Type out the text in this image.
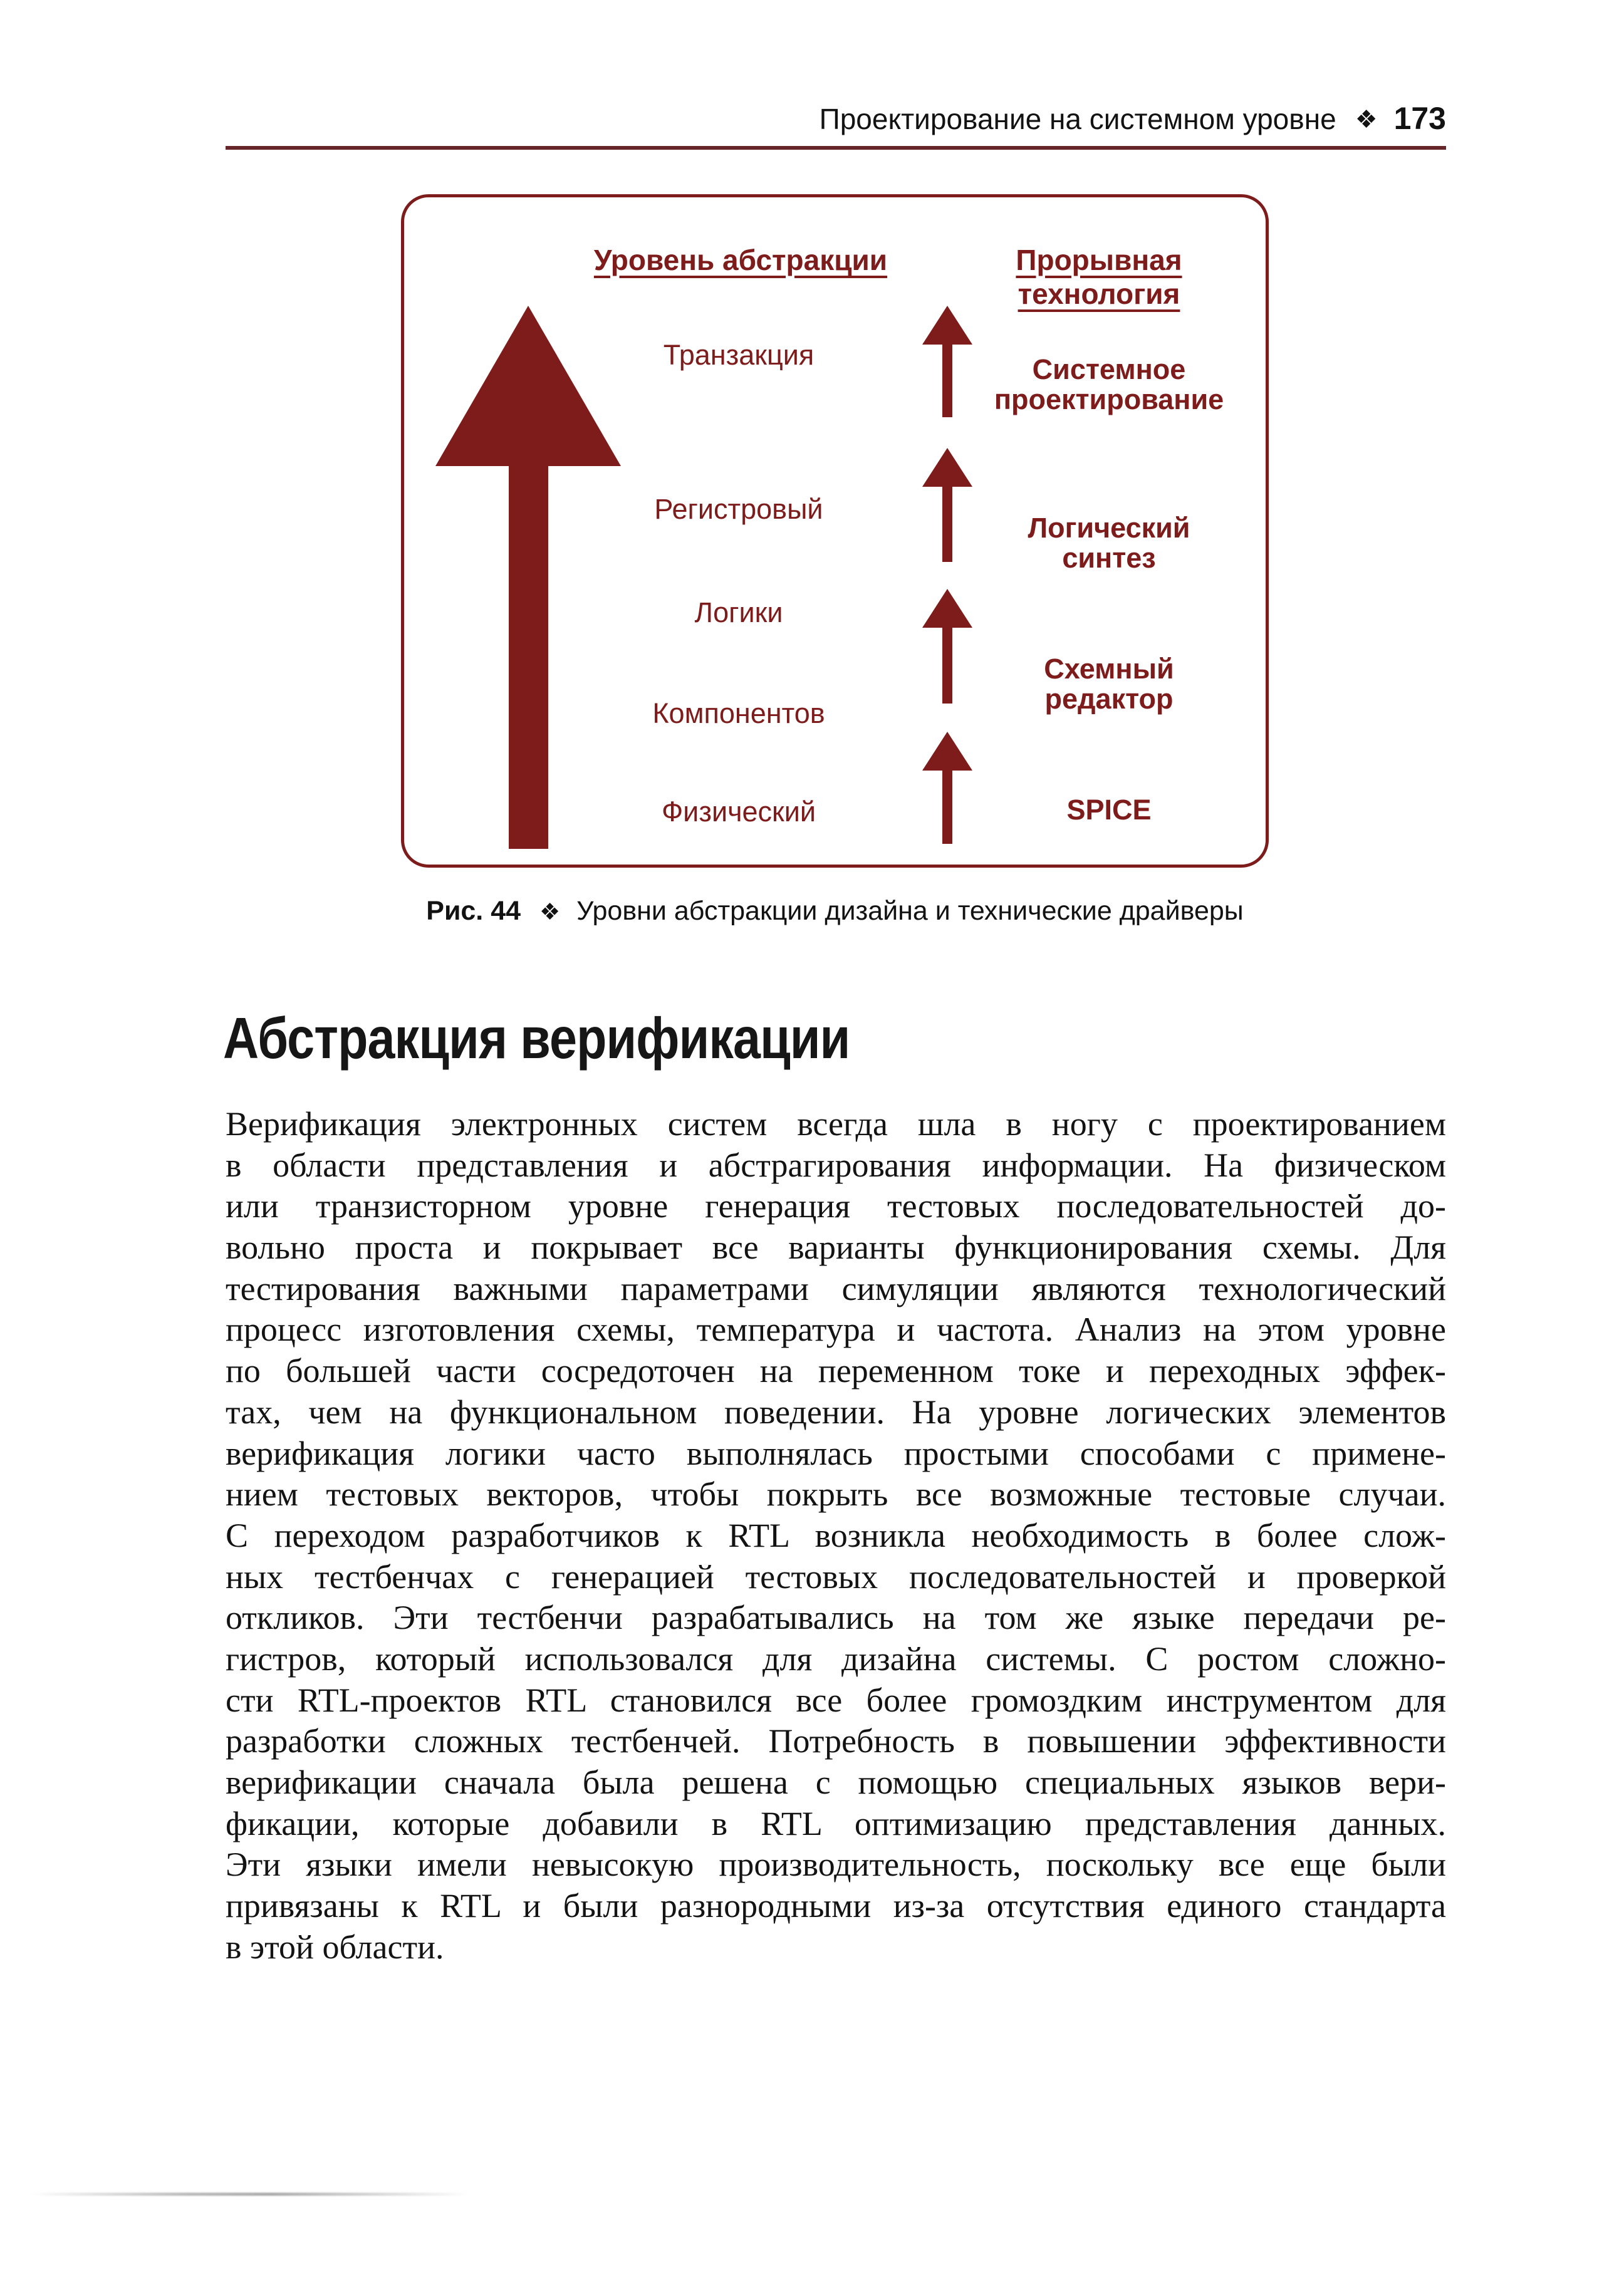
Проектирование на системном уровне ❖ 173
Уровень абстракции	Прорывная технология
Транзакция
Регистровый
Логики
Компонентов
Физический
Системное проектирование
Логический синтез
Схемный редактор
SPICE
Рис. 44 ❖ Уровни абстракции дизайна и технические драйверы
Абстракция верификации
Верификация электронных систем всегда шла в ногу с проектированием
в области представления и абстрагирования информации. На физическом
или транзисторном уровне генерация тестовых последовательностей до-
вольно проста и покрывает все варианты функционирования схемы. Для
тестирования важными параметрами симуляции являются технологический
процесс изготовления схемы, температура и частота. Анализ на этом уровне
по большей части сосредоточен на переменном токе и переходных эффек-
тах, чем на функциональном поведении. На уровне логических элементов
верификация логики часто выполнялась простыми способами с примене-
нием тестовых векторов, чтобы покрыть все возможные тестовые случаи.
С переходом разработчиков к RTL возникла необходимость в более слож-
ных тестбенчах с генерацией тестовых последовательностей и проверкой
откликов. Эти тестбенчи разрабатывались на том же языке передачи ре-
гистров, который использовался для дизайна системы. С ростом сложно-
сти RTL-проектов RTL становился все более громоздким инструментом для
разработки сложных тестбенчей. Потребность в повышении эффективности
верификации сначала была решена с помощью специальных языков вери-
фикации, которые добавили в RTL оптимизацию представления данных.
Эти языки имели невысокую производительность, поскольку все еще были
привязаны к RTL и были разнородными из-за отсутствия единого стандарта
в этой области.
